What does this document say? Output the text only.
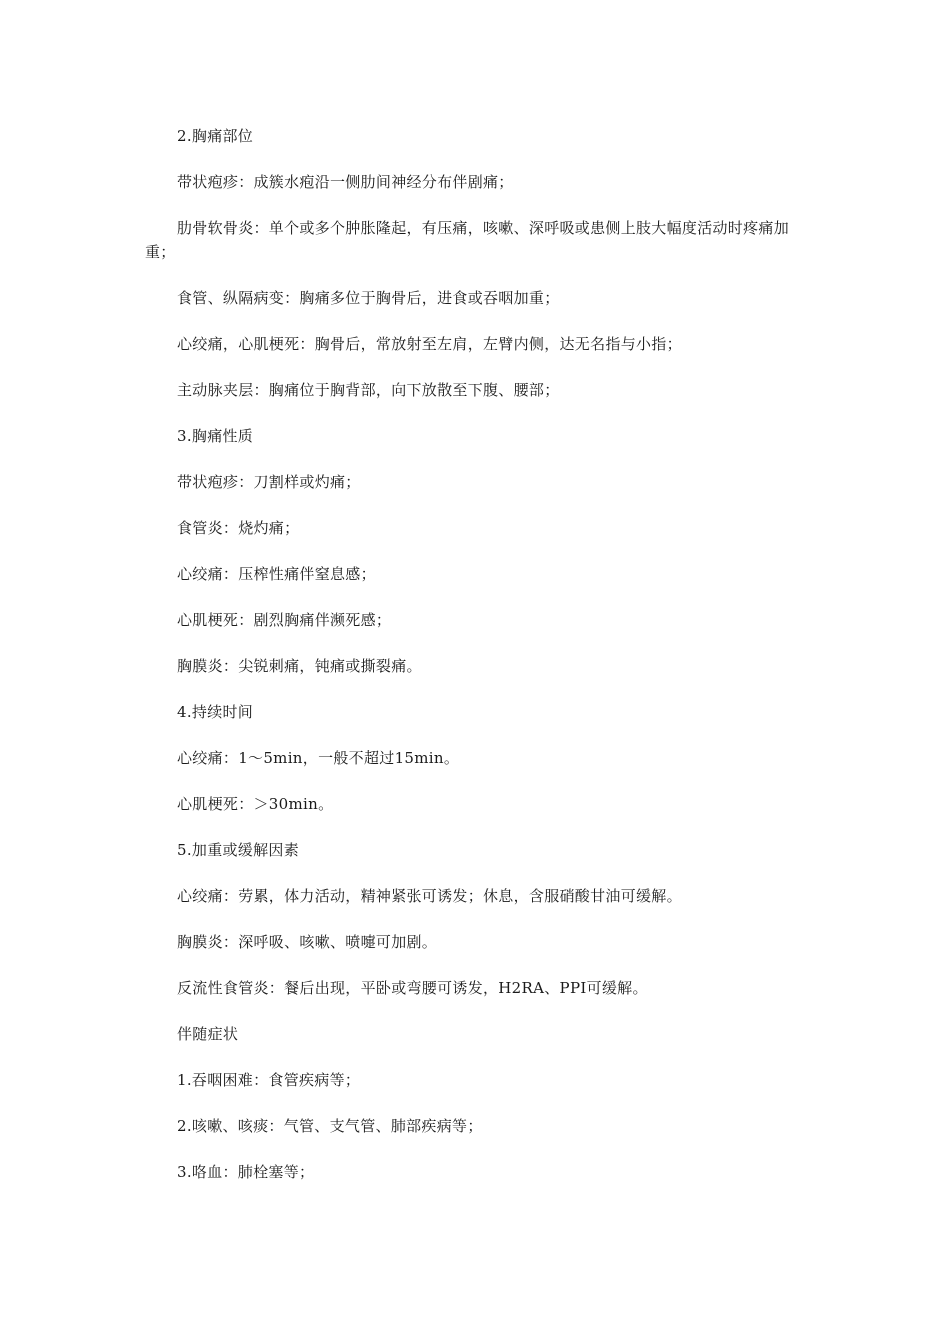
2.胸痛部位

带状疱疹：成簇水疱沿一侧肋间神经分布伴剧痛；

肋骨软骨炎：单个或多个肿胀隆起，有压痛，咳嗽、深呼吸或患侧上肢大幅度活动时疼痛加重；

食管、纵隔病变：胸痛多位于胸骨后，进食或吞咽加重；

心绞痛，心肌梗死：胸骨后，常放射至左肩，左臂内侧，达无名指与小指；

主动脉夹层：胸痛位于胸背部，向下放散至下腹、腰部；

3.胸痛性质

带状疱疹：刀割样或灼痛；

食管炎：烧灼痛；

心绞痛：压榨性痛伴窒息感；

心肌梗死：剧烈胸痛伴濒死感；

胸膜炎：尖锐刺痛，钝痛或撕裂痛。

4.持续时间

心绞痛：1～5min，一般不超过15min。

心肌梗死：＞30min。

5.加重或缓解因素

心绞痛：劳累，体力活动，精神紧张可诱发；休息，含服硝酸甘油可缓解。

胸膜炎：深呼吸、咳嗽、喷嚏可加剧。

反流性食管炎：餐后出现，平卧或弯腰可诱发，H2RA、PPI可缓解。

伴随症状

1.吞咽困难：食管疾病等；

2.咳嗽、咳痰：气管、支气管、肺部疾病等；

3.咯血：肺栓塞等；
